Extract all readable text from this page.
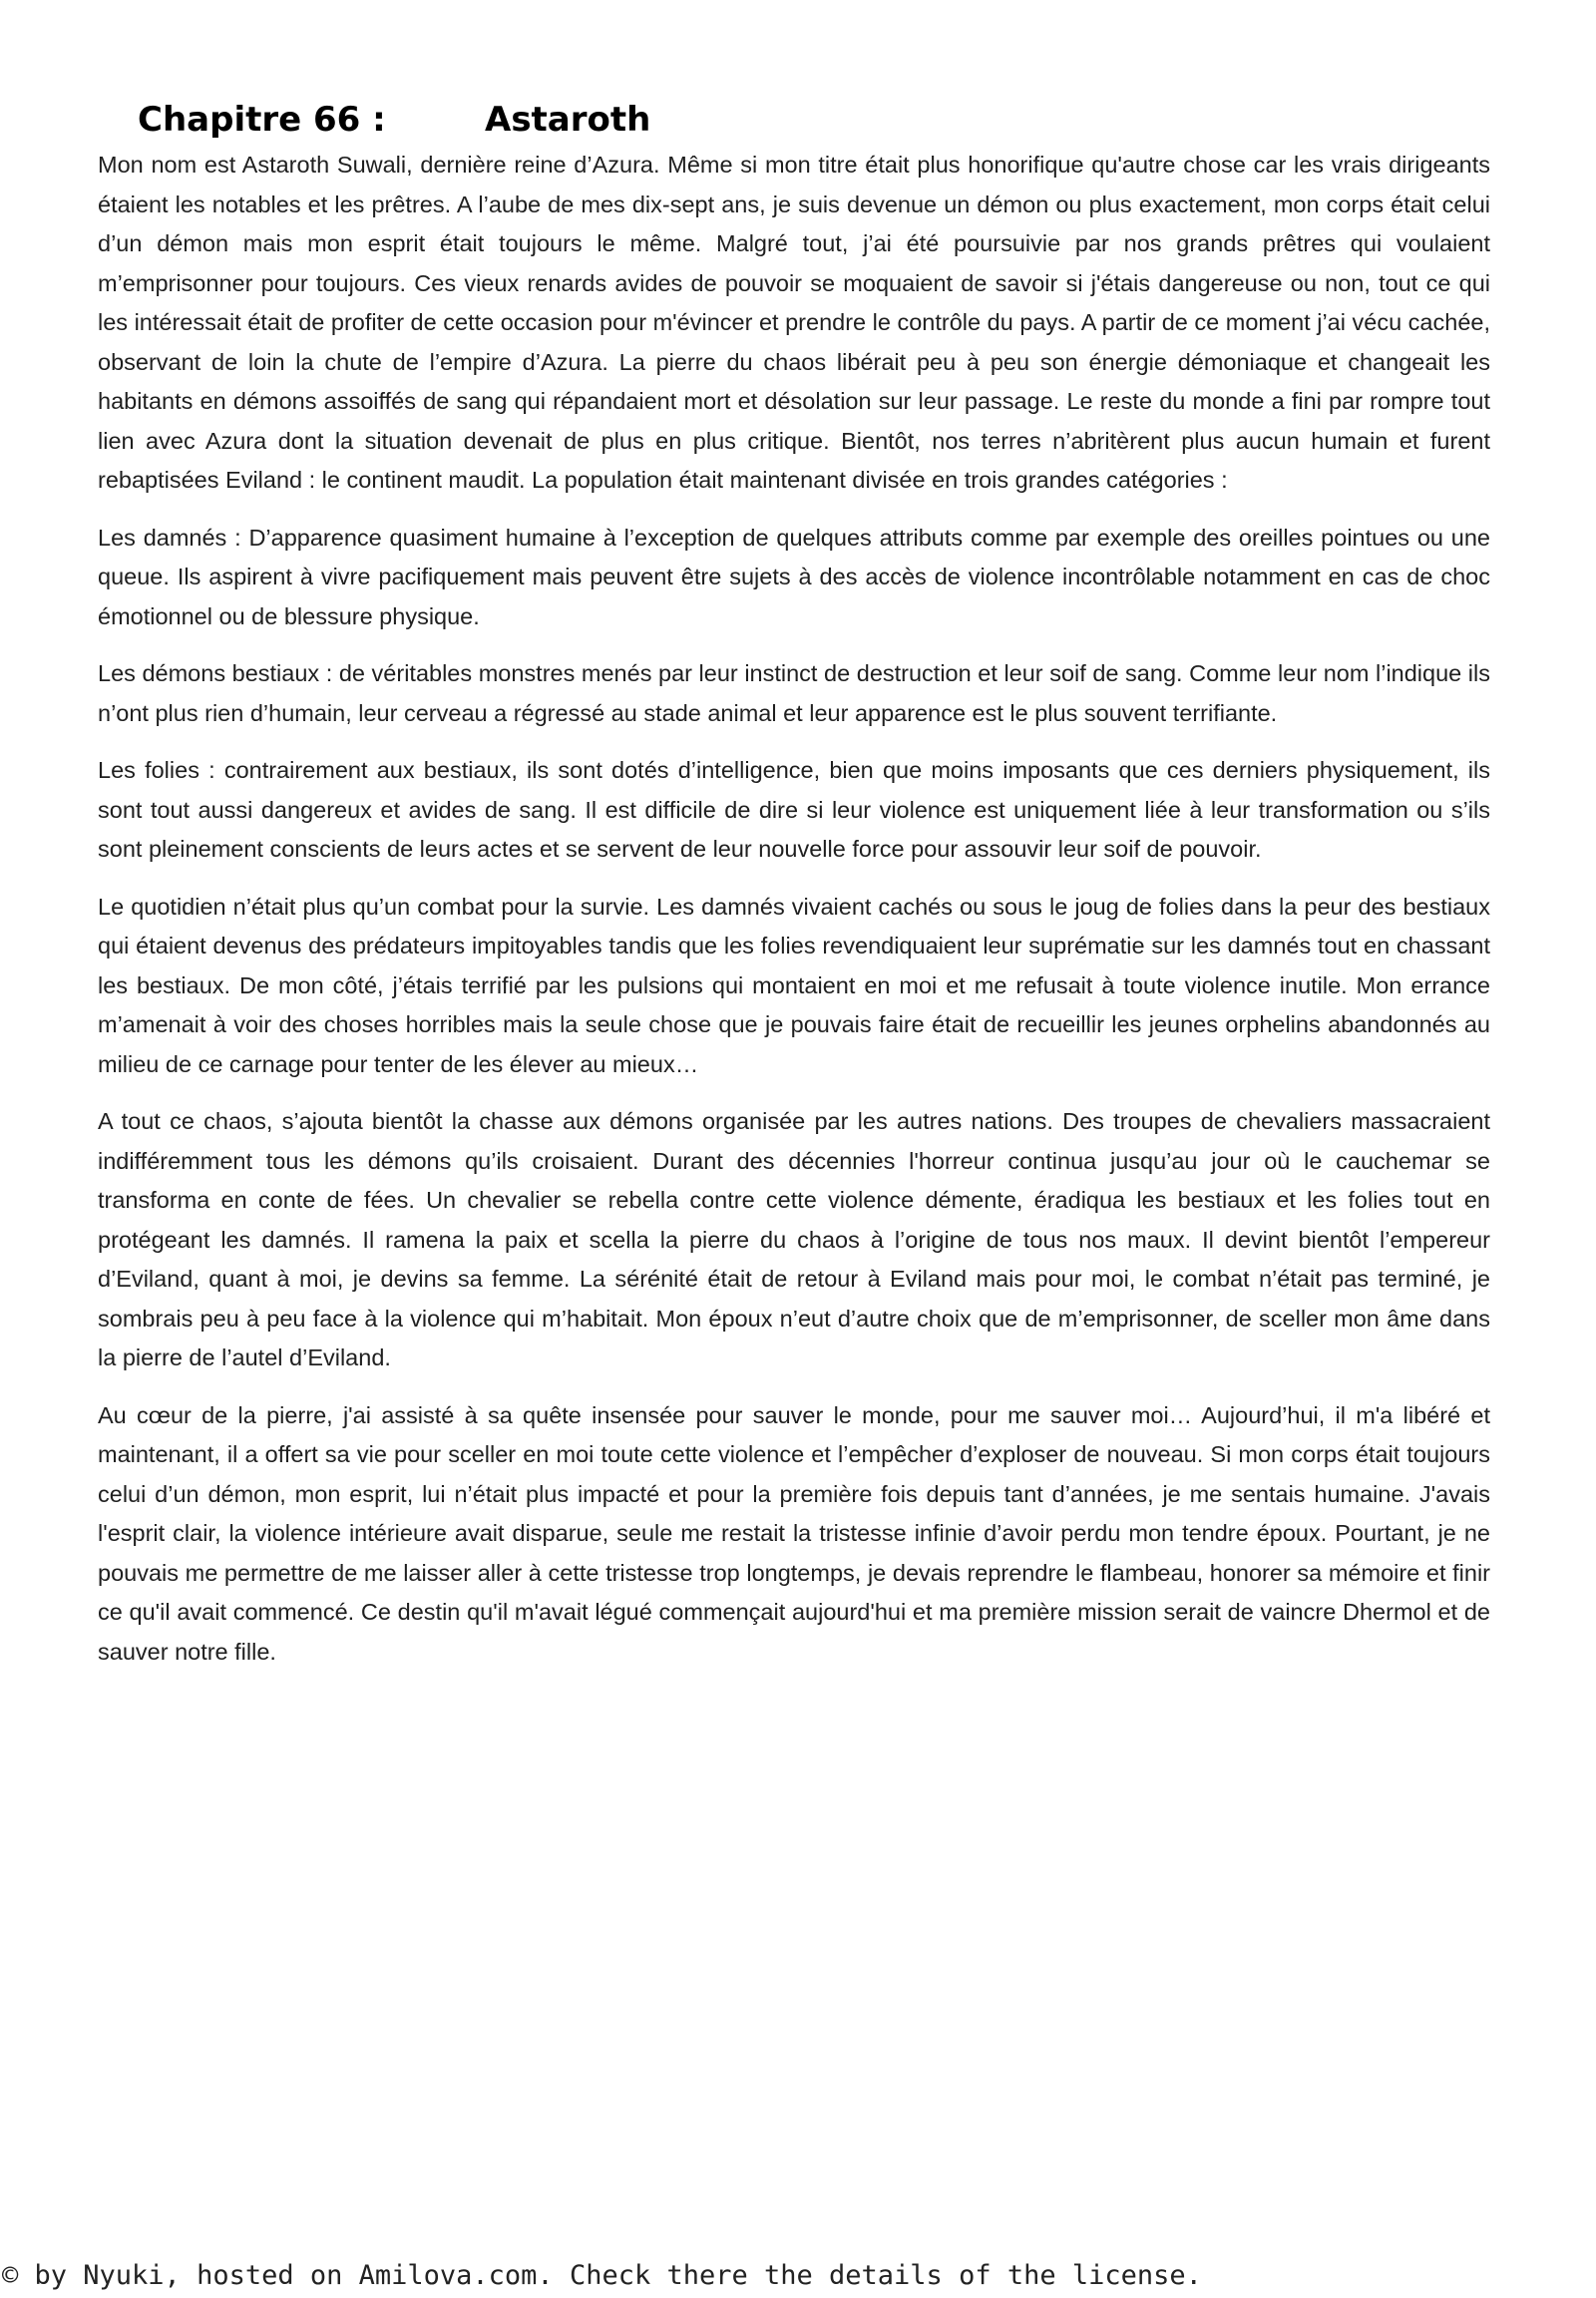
Chapitre 66 :	Astaroth

Mon nom est Astaroth Suwali, dernière reine d’Azura. Même si mon titre était plus honorifique qu'autre chose car les vrais dirigeants étaient les notables et les prêtres. A l’aube de mes dix-sept ans, je suis devenue un démon ou plus exactement, mon corps était celui d’un démon mais mon esprit était toujours le même. Malgré tout, j’ai été poursuivie par nos grands prêtres qui voulaient m’emprisonner pour toujours. Ces vieux renards avides de pouvoir se moquaient de savoir si j'étais dangereuse ou non, tout ce qui les intéressait était de profiter de cette occasion pour m'évincer et prendre le contrôle du pays. A partir de ce moment j’ai vécu cachée, observant de loin la chute de l’empire d’Azura. La pierre du chaos libérait peu à peu son énergie démoniaque et changeait les habitants en démons assoiffés de sang qui répandaient mort et désolation sur leur passage. Le reste du monde a fini par rompre tout lien avec Azura dont la situation devenait de plus en plus critique. Bientôt, nos terres n’abritèrent plus aucun humain et furent rebaptisées Eviland : le continent maudit. La population était maintenant divisée en trois grandes catégories :

Les damnés : D’apparence quasiment humaine à l’exception de quelques attributs comme par exemple des oreilles pointues ou une queue. Ils aspirent à vivre pacifiquement mais peuvent être sujets à des accès de violence incontrôlable notamment en cas de choc émotionnel ou de blessure physique.

Les démons bestiaux : de véritables monstres menés par leur instinct de destruction et leur soif de sang. Comme leur nom l’indique ils n’ont plus rien d’humain, leur cerveau a régressé au stade animal et leur apparence est le plus souvent terrifiante.

Les folies : contrairement aux bestiaux, ils sont dotés d’intelligence, bien que moins imposants que ces derniers physiquement, ils sont tout aussi dangereux et avides de sang. Il est difficile de dire si leur violence est uniquement liée à leur transformation ou s’ils sont pleinement conscients de leurs actes et se servent de leur nouvelle force pour assouvir leur soif de pouvoir.

Le quotidien n’était plus qu’un combat pour la survie. Les damnés vivaient cachés ou sous le joug de folies dans la peur des bestiaux qui étaient devenus des prédateurs impitoyables tandis que les folies revendiquaient leur suprématie sur les damnés tout en chassant les bestiaux. De mon côté, j’étais terrifié par les pulsions qui montaient en moi et me refusait à toute violence inutile. Mon errance m’amenait à voir des choses horribles mais la seule chose que je pouvais faire était de recueillir les jeunes orphelins abandonnés au milieu de ce carnage pour tenter de les élever au mieux…

A tout ce chaos, s’ajouta bientôt la chasse aux démons organisée par les autres nations. Des troupes de chevaliers massacraient indifféremment tous les démons qu’ils croisaient. Durant des décennies l'horreur continua jusqu’au jour où le cauchemar se transforma en conte de fées. Un chevalier se rebella contre cette violence démente, éradiqua les bestiaux et les folies tout en protégeant les damnés. Il ramena la paix et scella la pierre du chaos à l’origine de tous nos maux. Il devint bientôt l’empereur d’Eviland, quant à moi, je devins sa femme. La sérénité était de retour à Eviland mais pour moi, le combat n’était pas terminé, je sombrais peu à peu face à la violence qui m’habitait. Mon époux n’eut d’autre choix que de m’emprisonner, de sceller mon âme dans la pierre de l’autel d’Eviland.

Au cœur de la pierre, j'ai assisté à sa quête insensée pour sauver le monde, pour me sauver moi… Aujourd’hui, il m'a libéré et maintenant, il a offert sa vie pour sceller en moi toute cette violence et l’empêcher d’exploser de nouveau. Si mon corps était toujours celui d’un démon, mon esprit, lui n’était plus impacté et pour la première fois depuis tant d’années, je me sentais humaine. J'avais l'esprit clair, la violence intérieure avait disparue, seule me restait la tristesse infinie d’avoir perdu mon tendre époux. Pourtant, je ne pouvais me permettre de me laisser aller à cette tristesse trop longtemps, je devais reprendre le flambeau, honorer sa mémoire et finir ce qu'il avait commencé. Ce destin qu'il m'avait légué commençait aujourd'hui et ma première mission serait de vaincre Dhermol et de sauver notre fille.

© by Nyuki, hosted on Amilova.com. Check there the details of the license.
